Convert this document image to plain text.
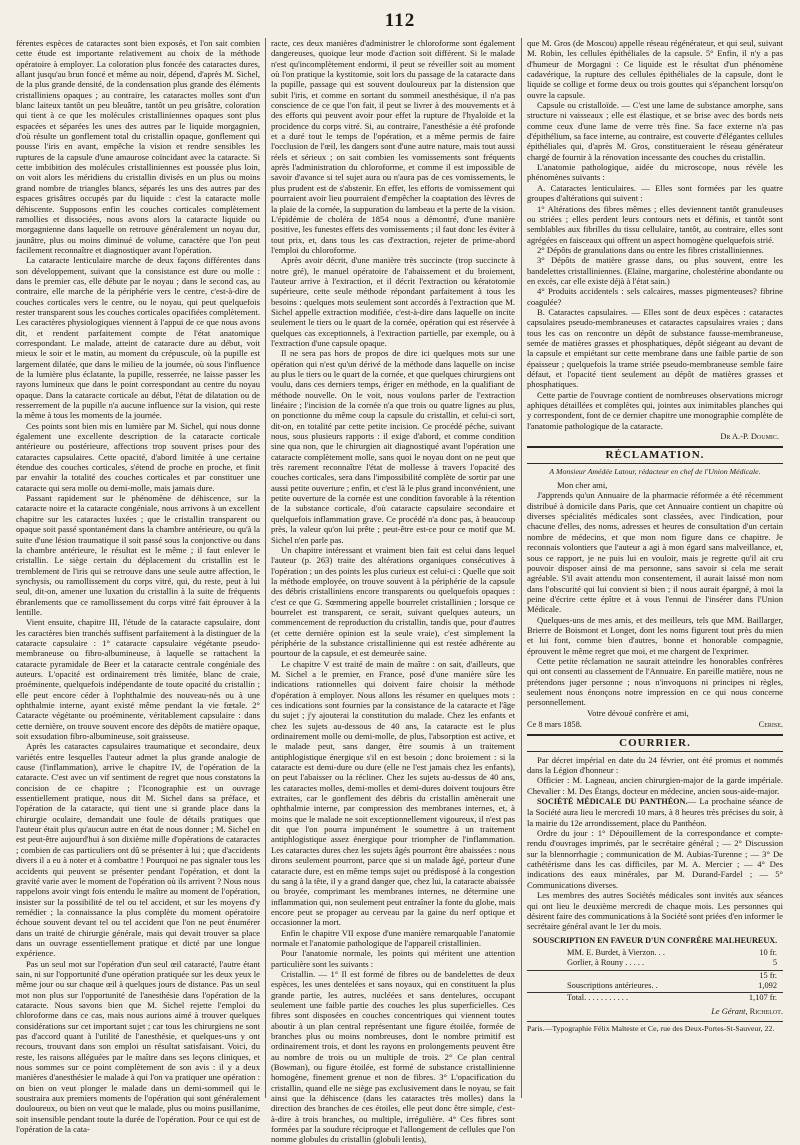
112

férentes espèces de cataractes sont bien exposés, et l'on sait combien cette étude est importante relativement au choix de la méthode opératoire à employer. La coloration plus foncée des cataractes dures, allant jusqu'au brun foncé et même au noir, dépend, d'après M. Sichel, de la plus grande densité, de la condensation plus grande des éléments cristalliniens opaques ; au contraire, les cataractes molles sont d'un blanc laiteux tantôt un peu bleuâtre, tantôt un peu grisâtre, coloration qui tient à ce que les molécules cristalliniennes opaques sont plus espacées et séparées les unes des autres par le liquide morgagnien, d'où résulte un gonflement total du cristallin opaque, gonflement qui pousse l'iris en avant, empêche la vision et rendre sensibles les ruptures de la capsule d'une amaurose coïncidant avec la cataracte. Si cette imbibition des molécules cristalliniennes est poussée plus loin, on voit alors les méridiens du cristallin divisés en un plus ou moins grand nombre de triangles blancs, séparés les uns des autres par des espaces grisâtres occupés par du liquide : c'est la cataracte molle déhiscente. Supposons enfin les couches corticales complètement ramollies et dissociées, nous avons alors la cataracte liquide ou morgagnienne dans laquelle on retrouve généralement un noyau dur, jaunâtre, plus ou moins diminué de volume, caractère que l'on peut facilement reconnaître et diagnostiquer avant l'opération.

La cataracte lenticulaire marche de deux façons différentes dans son développement, suivant que la consistance est dure ou molle : dans le premier cas, elle débute par le noyau ; dans le second cas, au contraire, elle marche de la périphérie vers le centre, c'est-à-dire de couches corticales vers le centre, ou le noyau, qui peut quelquefois rester transparent sous les couches corticales opacifiées complètement. Les caractères physiologiques viennent à l'appui de ce que nous avons dit, et rendent parfaitement compte de l'état anatomique correspondant. Le malade, atteint de cataracte dure au début, voit mieux le soir et le matin, au moment du crépuscule, où la pupille est largement dilatée, que dans le milieu de la journée, où sous l'influence de la lumière plus éclatante, la pupille, resserrée, ne laisse passer les rayons lumineux que dans le point correspondant au centre du noyau opaque. Dans la cataracte corticale au début, l'état de dilatation ou de resserrement de la pupille n'a aucune influence sur la vision, qui reste la même à tous les moments de la journée.

Ces points sont bien mis en lumière par M. Sichel, qui nous donne également une excellente description de la cataracte corticale antérieure ou postérieure, affections trop souvent prises pour des cataractes capsulaires. Cette opacité, d'abord limitée à une certaine étendue des couches corticales, s'étend de proche en proche, et finit par envahir la totalité des couches corticales et par constituer une cataracte qui sera molle ou demi-molle, mais jamais dure.

Passant rapidement sur le phénomène de déhiscence, sur la cataracte noire et la cataracte congéniale, nous arrivons à un excellent chapitre sur les cataractes luxées ; que le cristallin transparent ou opaque soit passé spontanément dans la chambre antérieure, ou qu'à la suite d'une lésion traumatique il soit passé sous la conjonctive ou dans la chambre antérieure, le résultat est le même ; il faut enlever le cristallin. Le siège certain du déplacement du cristallin est le tremblement de l'iris qui se retrouve dans une seule autre affection, le synchysis, ou ramollissement du corps vitré, qui, du reste, peut à lui seul, dit-on, amener une luxation du cristallin à la suite de fréquents ébranlements que ce ramollissement du corps vitré fait éprouver à la lentille.

Vient ensuite, chapitre III, l'étude de la cataracte capsulaire, dont les caractères bien tranchés suffisent parfaitement à la distinguer de la cataracte capsulaire : 1° cataracte capsulaire végétante pseudo-membraneuse ou fibro-albumineuse, à laquelle se rattachent la cataracte pyramidale de Beer et la cataracte centrale congéniale des auteurs. L'opacité est ordinairement très limitée, blanc de craie, proéminente, quelquefois indépendante de toute opacité du cristallin ; elle peut encore céder à l'ophthalmie des nouveau-nés ou à une ophthalmie interne, ayant existé même pendant la vie fœtale. 2° Cataracte végétante ou proéminente, véritablement capsulaire : dans cette dernière, on trouve souvent encore des dépôts de matière opaque, soit exsudation fibro-albumineuse, soit graisseuse.

Après les cataractes capsulaires traumatique et secondaire, deux variétés entre lesquelles l'auteur admet la plus grande analogie de cause (l'inflammation), arrive le chapitre IV, de l'opération de la cataracte. C'est avec un vif sentiment de regret que nous constatons la concision de ce chapitre ; l'Iconographie est un ouvrage essentiellement pratique, nous dit M. Sichel dans sa préface, et l'opération de la cataracte, qui tient une si grande place dans la chirurgie oculaire, demandait une foule de détails pratiques que l'auteur était plus qu'aucun autre en état de nous donner ; M. Sichel en est peut-être aujourd'hui à son dixième mille d'opérations de cataractes ; combien de cas particuliers ont dû se présenter à lui ; que d'accidents divers il a eu à noter et à combattre ! Pourquoi ne pas signaler tous les accidents qui peuvent se présenter pendant l'opération, et dont la gravité varie avec le moment de l'opération où ils arrivent ? Nous nous rappelons avoir vingt fois entendu le maître au moment de l'opération, insister sur la possibilité de tel ou tel accident, et sur les moyens d'y remédier ; la connaissance la plus complète du moment opératoire échoue souvent devant tel ou tel accident que l'on ne peut énumérer dans un traité de chirurgie générale, mais qui devait trouver sa place dans un ouvrage essentiellement pratique et dicté par une longue expérience.

Pas un seul mot sur l'opération d'un seul œil cataracté, l'autre étant sain, ni sur l'opportunité d'une opération pratiquée sur les deux yeux le même jour ou sur chaque œil à quelques jours de distance. Pas un seul mot non plus sur l'opportunité de l'anesthésie dans l'opération de la cataracte. Nous savons bien que M. Sichel rejette l'emploi du chloroforme dans ce cas, mais nous aurions aimé à trouver quelques considérations sur cet important sujet ; car tous les chirurgiens ne sont pas d'accord quant à l'utilité de l'anesthésie, et quelques-uns y ont recours, trouvant dans son emploi un résultat satisfaisant. Voici, du reste, les raisons alléguées par le maître dans ses leçons cliniques, et nous sommes sur ce point complètement de son avis : il y a deux manières d'anesthésier le malade à qui l'on va pratiquer une opération : on bien on veut plonger le malade dans un demi-sommeil qui le soustraira aux premiers moments de l'opération qui sont généralement douloureux, ou bien on veut que le malade, plus ou moins pusillanime, soit insensible pendant toute la durée de l'opération. Pour ce qui est de l'opération de la cata-

racte, ces deux manières d'administrer le chloroforme sont également dangereuses, quoique leur mode d'action soit différent. Si le malade n'est qu'incomplètement endormi, il peut se réveiller soit au moment où l'on pratique la kystitomie, soit lors du passage de la cataracte dans la pupille, passage qui est souvent douloureux par la distension que subit l'iris, et comme en sortant du sommeil anesthésique, il n'a pas conscience de ce que l'on fait, il peut se livrer à des mouvements et à des efforts qui peuvent avoir pour effet la rupture de l'hyaloïde et la procidence du corps vitré. Si, au contraire, l'anesthésie a été profonde et a duré tout le temps de l'opération, et a même permis de faire l'occlusion de l'œil, les dangers sont d'une autre nature, mais tout aussi réels et sérieux ; on sait combien les vomissements sont fréquents après l'administration du chloroforme, et comme il est impossible de savoir d'avance si tel sujet aura ou n'aura pas de ces vomissements, le plus prudent est de s'abstenir. En effet, les efforts de vomissement qui pourraient avoir lieu pourraient d'empêcher la coaptation des lèvres de la plaie de la cornée, la suppuration du lambeau et la perte de la vision. L'épidémie de choléra de 1854 nous a démontré, d'une manière positive, les funestes effets des vomissements ; il faut donc les éviter à tout prix, et, dans tous les cas d'extraction, rejeter de prime-abord l'emploi du chloroforme.

Après avoir décrit, d'une manière très succincte (trop succincte à notre gré), le manuel opératoire de l'abaissement et du broiement, l'auteur arrive à l'extraction, et il décrit l'extraction ou kératotomie supérieure, cette seule méthode répondant parfaitement à tous les besoins : quelques mots seulement sont accordés à l'extraction que M. Sichel appelle extraction modifiée, c'est-à-dire dans laquelle on incite seulement le tiers ou le quart de la cornée, opération qui est réservée à quelques cas exceptionnels, à l'extraction partielle, par exemple, ou à l'extraction d'une capsule opaque.

Il ne sera pas hors de propos de dire ici quelques mots sur une opération qui n'est qu'un dérivé de la méthode dans laquelle on incise au plus le tiers ou le quart de la cornée, et que quelques chirurgiens ont voulu, dans ces derniers temps, ériger en méthode, en la qualifiant de méthode nouvelle. On le voit, nous voulons parler de l'extraction linéaire ; l'incision de la cornée n'a que trois ou quatre lignes au plus, on ponctionne du même coup la capsule du cristallin, et celui-ci sort, dit-on, en totalité par cette petite incision. Ce procédé péche, suivant nous, sous plusieurs rapports : il exige d'abord, et comme condition sine qua non, que le chirurgien ait diagnostiqué avant l'opération une cataracte complètement molle, sans quoi le noyau dont on ne peut que très rarement reconnaître l'état de mollesse à travers l'opacité des couches corticales, sera dans l'impossibilité complète de sortir par une aussi petite ouverture ; enfin, et c'est là le plus grand inconvénient, une petite ouverture de la cornée est une condition favorable à la rétention de la substance corticale, d'où cataracte capsulaire secondaire et quelquefois inflammation grave. Ce procédé n'a donc pas, à beaucoup près, la valeur qu'on lui prête ; peut-être est-ce pour ce motif que M. Sichel n'en parle pas.

Un chapitre intéressant et vraiment bien fait est celui dans lequel l'auteur (p. 263) traite des altérations organiques consécutives à l'opération ; un des points les plus curieux est celui-ci : Quelle que soit la méthode employée, on trouve souvent à la périphérie de la capsule des débris cristalliniens encore transparents ou quelquefois opaques : c'est ce que G. Sœmmering appelle bourrelet cristallinien ; lorsque ce bourrelet est transparent, ce serait, suivant quelques auteurs, un commencement de reproduction du cristallin, tandis que, pour d'autres (et cette dernière opinion est la seule vraie), c'est simplement la périphérie de la substance cristallinienne qui est restée adhérente au pourtour de la capsule, et est demeurée saine.

Le chapitre V est traité de main de maître : on sait, d'ailleurs, que M. Sichel a le premier, en France, posé d'une manière sûre les indications rationnelles qui doivent faire choisir la méthode d'opération à employer. Nous allons les résumer en quelques mots : ces indications sont fournies par la consistance de la cataracte et l'âge du sujet ; j'y ajouterai la constitution du malade. Chez les enfants et chez les sujets au-dessous de 40 ans, la cataracte est le plus ordinairement molle ou demi-molle, de plus, l'absorption est active, et le malade peut, sans danger, être soumis à un traitement antiphlogistique énergique s'il en est besoin ; donc broiement : si la cataracte est demi-dure ou dure (elle ne l'est jamais chez les enfants), on peut l'abaisser ou la récliner. Chez les sujets au-dessus de 40 ans, les cataractes molles, demi-molles et demi-dures doivent toujours être extraites, car le gonflement des débris du cristallin amènerait une ophthalmie interne, par compression des membranes internes, et, à moins que le malade ne soit exceptionnellement vigoureux, il n'est pas dit que l'on pourra impunément le soumettre à un traitement antiphlogistique assez énergique pour triompher de l'inflammation. Les cataractes dures chez les sujets âgés pourront être abaissées : nous dirons seulement pourront, parce que si un malade âgé, porteur d'une cataracte dure, est en même temps sujet ou prédisposé à la congestion du sang à la tête, il y a grand danger que, chez lui, la cataracte abaissée ou broyée, comprimant les membranes internes, ne détermine une inflammation qui, non seulement peut entraîner la fonte du globe, mais encore peut se propager au cerveau par la gaine du nerf optique et occasionner la mort.

Enfin le chapitre VII expose d'une manière remarquable l'anatomie normale et l'anatomie pathologique de l'appareil cristallinien.

Pour l'anatomie normale, les points qui méritent une attention particulière sont les suivants :

Cristallin. — 1° Il est formé de fibres ou de bandelettes de deux espèces, les unes dentelées et sans noyaux, qui en constituent la plus grande partie, les autres, nucléées et sans dentelures, occupant seulement une faible partie des couches les plus superficielles. Ces fibres sont disposées en couches concentriques qui viennent toutes aboutir à un plan central représentant une figure étoilée, formée de branches plus ou moins nombreuses, dont le nombre primitif est ordinairement trois, et dont les rayons en prolongements peuvent être au nombre de trois ou un multiple de trois. 2° Ce plan central (Bowman), ou figure étoilée, est formé de substance cristallinienne homogène, finement grenue et non de fibres. 3° L'opacification du cristallin, quand elle ne siège pas exclusivement dans le noyau, se fait ainsi que la déhiscence (dans les cataractes très molles) dans la direction des branches de ces étoiles, elle peut donc être simple, c'est-à-dire à trois branches, ou multiple, irrégulière. 4° Ces fibres sont formées par la soudure réciproque et l'allongement de cellules que l'on nomme globules du cristallin (globuli lentis),

que M. Gros (de Moscou) appelle réseau régénérateur, et qui seul, suivant M. Robin, les cellules épithéliales de la capsule. 5° Enfin, il n'y a pas d'humeur de Morgagni : Ce liquide est le résultat d'un phénomène cadavérique, la rupture des cellules épithéliales de la capsule, dont le liquide se collige et forme deux ou trois gouttes qui s'épanchent lorsqu'on ouvre la capsule.

Capsule ou cristalloïde. — C'est une lame de substance amorphe, sans structure ni vaisseaux ; elle est élastique, et se brise avec des bords nets comme ceux d'une lame de verre très fine. Sa face externe n'a pas d'épithélium, sa face interne, au contraire, est couverte d'élégantes cellules épithéliales qui, d'après M. Gros, constitueraient le réseau générateur chargé de fournir à la rénovation incessante des couches du cristallin.

L'anatomie pathologique, aidée du microscope, nous révèle les phénomènes suivants :

A. Cataractes lenticulaires. — Elles sont formées par les quatre groupes d'altérations qui suivent :

1° Altérations des fibres mêmes ; elles deviennent tantôt granuleuses ou striées ; elles perdent leurs contours nets et définis, et tantôt sont semblables aux fibrilles du tissu cellulaire, tantôt, au contraire, elles sont agrégées en faisceaux qui offrent un aspect homogène quelquefois strié.

2° Dépôts de granulations dans ou entre les fibres cristalliniennes.

3° Dépôts de matière grasse dans, ou plus souvent, entre les bandelettes cristalliniennes. (Elaïne, margarine, cholestérine abondante ou en excès, car elle existe déjà à l'état sain.)

4° Produits accidentels : sels calcaires, masses pigmenteuses? fibrine coagulée?

B. Cataractes capsulaires. — Elles sont de deux espèces : cataractes capsulaires pseudo-membraneuses et cataractes capsulaires vraies ; dans tous les cas on rencontre un dépôt de substance fausse-membraneuse, semée de matières grasses et phosphatiques, dépôt siégeant au devant de la capsule et empiétant sur cette membrane dans une faible partie de son épaisseur ; quelquefois la trame striée pseudo-membraneuse semble faire défaut, et l'opacité tient seulement au dépôt de matières grasses et phosphatiques.

Cette partie de l'ouvrage contient de nombreuses observations microgr aphiques détaillées et complètes qui, jointes aux inimitables planches qui y correspondent, font de ce dernier chapitre une monographie complète de l'anatomie pathologique de la cataracte.

Dr A.-P. Doumic.
RÉCLAMATION.
A Monsieur Amédée Latour, rédacteur en chef de l'Union Médicale.

Mon cher ami,

J'apprends qu'un Annuaire de la pharmacie réformée a été récemment distribué à domicile dans Paris, que cet Annuaire contient un chapitre où diverses spécialités médicales sont classées, avec l'indication, pour chacune d'elles, des noms, adresses et heures de consultation d'un certain nombre de médecins, et que mon nom figure dans ce chapitre. Je reconnais volontiers que l'auteur a agi à mon égard sans malveillance, et, sous ce rapport, je ne puis lui en vouloir, mais je regrette qu'il ait cru pouvoir disposer ainsi de ma personne, sans savoir si cela me serait agréable. S'il avait attendu mon consentement, il aurait laissé mon nom dans l'obscurité qui lui convient si bien ; il nous aurait épargné, à moi la peine d'écrire cette épître et à vous l'ennui de l'insérer dans l'Union Médicale.

Quelques-uns de mes amis, et des meilleurs, tels que MM. Baillarger, Brierre de Boismont et Longet, dont les noms figurent tout près du mien et lui font, comme bien d'autres, bonne et honorable compagnie, éprouvent le même regret que moi, et me chargent de l'exprimer.

Cette petite réclamation ne saurait atteindre les honorables confrères qui ont consenti au classement de l'Annuaire. En pareille matière, nous ne prétendons juger personne ; nous n'invoquons ni principes ni règles, seulement nous énonçons notre impression en ce qui nous concerne personnellement.

Votre dévoué confrère et ami,

Ce 8 mars 1858.	Cerise.
COURRIER.

Par décret impérial en date du 24 février, ont été promus et nommés dans la Légion d'honneur :

Officier : M. Lagneau, ancien chirurgien-major de la garde impériale. Chevalier : M. Des Étangs, docteur en médecine, ancien sous-aide-major.

SOCIÉTÉ MÉDICALE DU PANTHÉON.— La prochaine séance de la Société aura lieu le mercredi 10 mars, à 8 heures très précises du soir, à la mairie du 12e arrondissement, place du Panthéon.

Ordre du jour : 1° Dépouillement de la correspondance et compte-rendu d'ouvrages imprimés, par le secrétaire général ; — 2° Discussion sur la blennorrhagie ; communication de M. Aubias-Turenne ; — 3° De cathétérisme dans les cas difficiles, par M. A. Mercier ; — 4° Des indications des eaux minérales, par M. Durand-Fardel ; — 5° Communications diverses.

Les membres des autres Sociétés médicales sont invités aux séances qui ont lieu le deuxième mercredi de chaque mois. Les personnes qui désirent faire des communications à la Société sont priées d'en informer le secrétaire général avant le 1er du mois.

SOUSCRIPTION EN FAVEUR D'UN CONFRÈRE MALHEUREUX.
MM. E. Burdet, à Vierzon. . .	10 fr.
Gorlier, à Rouny . . . . .	5
15 fr.
Souscriptions antérieures. .	1,092
Total. . . . . . . . . . .	1,107 fr.
Le Gérant, Richelot.
Paris.—Typographie Félix Malteste et Ce, rue des Deux-Portes-St-Sauveur, 22.
